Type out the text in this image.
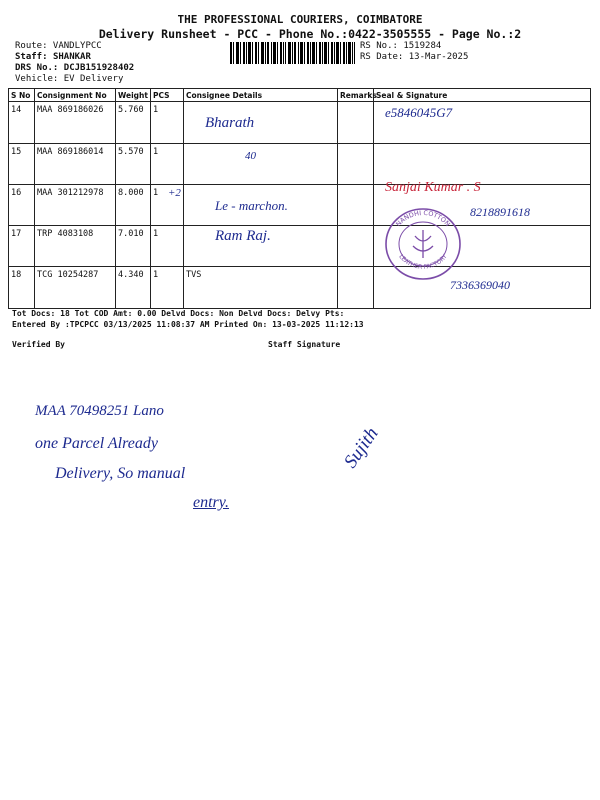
THE PROFESSIONAL COURIERS, COIMBATORE
Delivery Runsheet - PCC - Phone No.:0422-3505555 - Page No.:2
Route: VANDLYPCC
Staff: SHANKAR
DRS No.: DCJB151928402
Vehicle: EV Delivery
RS No.: 1519284
RS Date: 13-Mar-2025
S No	Consignment No	Weight	PCS	Consignee Details	Remarks	Seal & Signature
14	MAA 869186026	5.760	1			
15	MAA 869186014	5.570	1			
16	MAA 301212978	8.000	1			
17	TRP 4083108	7.010	1			
18	TCG 10254287	4.340	1	TVS		
Bharath
e5846045G7
40
+2
Le - marchon.
Sanjai Kumar . S
8218891618
Ram Raj.
NANDHI COTTON
LEATHER FACTORY
7336369040
Tot Docs: 18 Tot COD Amt: 0.00 Delvd Docs: Non Delvd Docs: Delvy Pts:
Entered By :TPCPCC 03/13/2025 11:08:37 AM Printed On: 13-03-2025 11:12:13
Verified By	Staff Signature
MAA 70498251 Lano
one Parcel Already
Delivery, So manual
entry.
Sujith
